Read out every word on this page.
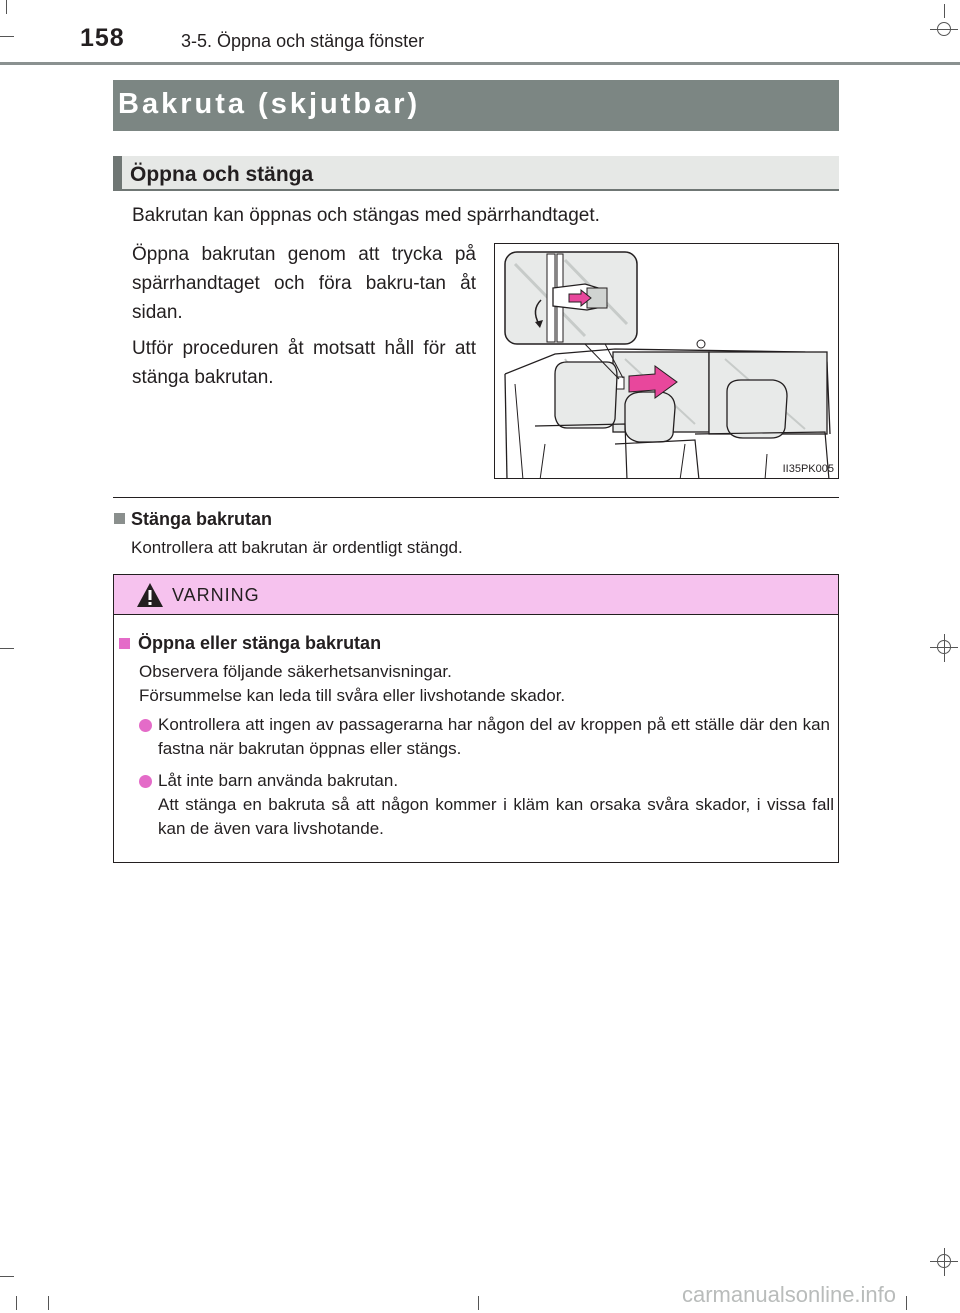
158	3-5. Öppna och stänga fönster
Bakruta (skjutbar)
Öppna och stänga
Bakrutan kan öppnas och stängas med spärrhandtaget.
Öppna bakrutan genom att trycka på spärrhandtaget och föra bakru-tan åt sidan.
Utför proceduren åt motsatt håll för att stänga bakrutan.
II35PK005
Stänga bakrutan
Kontrollera att bakrutan är ordentligt stängd.
VARNING
Öppna eller stänga bakrutan
Observera följande säkerhetsanvisningar.
Försummelse kan leda till svåra eller livshotande skador.
Kontrollera att ingen av passagerarna har någon del av kroppen på ett ställe där den kan fastna när bakrutan öppnas eller stängs.
Låt inte barn använda bakrutan.
Att stänga en bakruta så att någon kommer i kläm kan orsaka svåra skador, i vissa fall kan de även vara livshotande.
carmanualsonline.info
